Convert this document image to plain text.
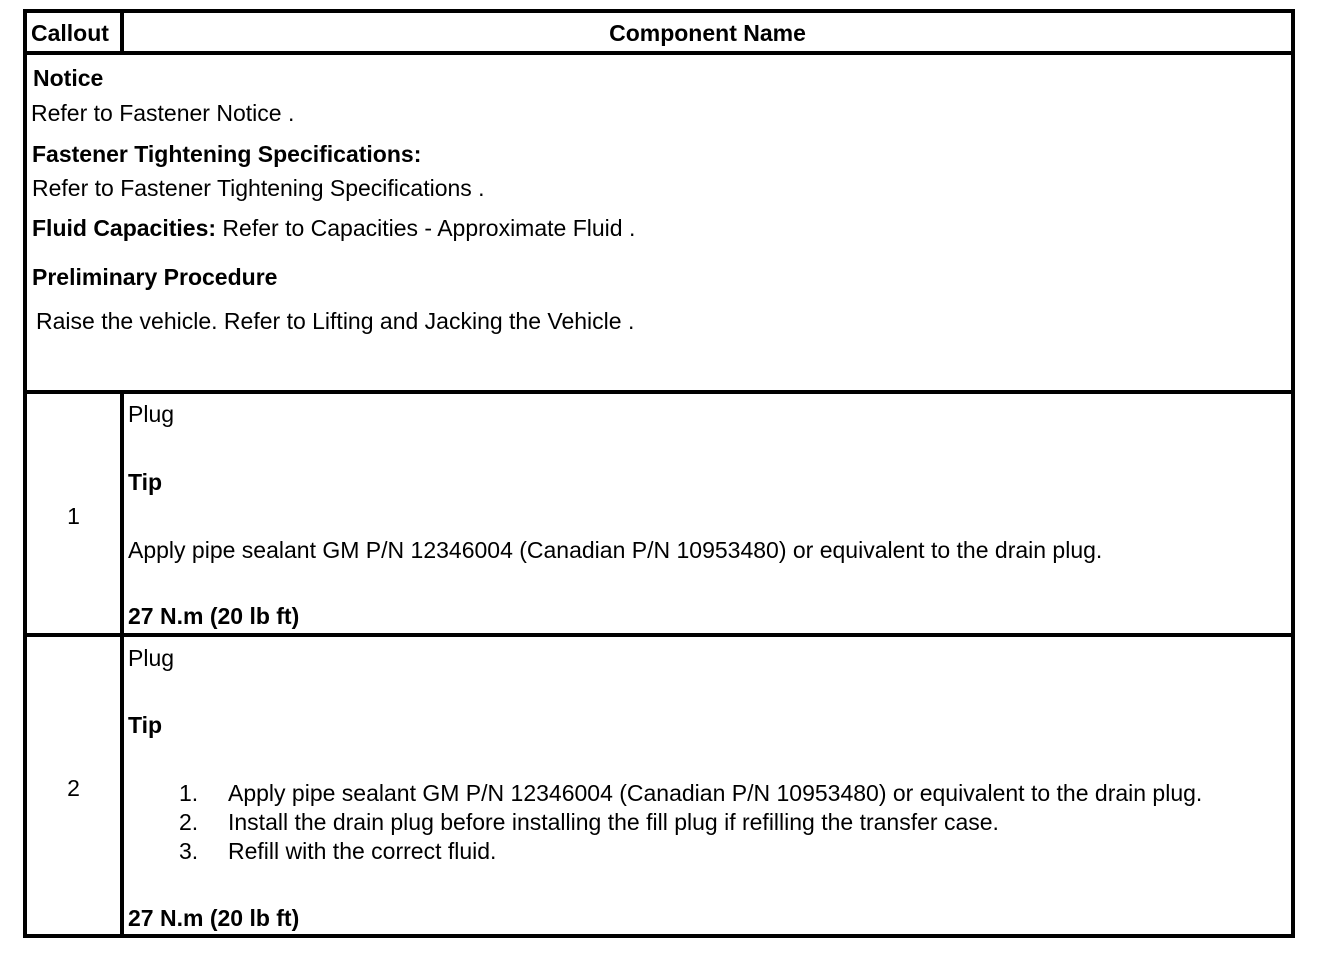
Callout	Component Name
Notice
Refer to Fastener Notice .
Fastener Tightening Specifications:
Refer to Fastener Tightening Specifications .
Fluid Capacities: Refer to Capacities - Approximate Fluid .
Preliminary Procedure
Raise the vehicle. Refer to Lifting and Jacking the Vehicle .
1
Plug
Tip
Apply pipe sealant GM P/N 12346004 (Canadian P/N 10953480) or equivalent to the drain plug.
27 N.m (20 lb ft)
2
Plug
Tip
1. Apply pipe sealant GM P/N 12346004 (Canadian P/N 10953480) or equivalent to the drain plug.
2. Install the drain plug before installing the fill plug if refilling the transfer case.
3. Refill with the correct fluid.
27 N.m (20 lb ft)
